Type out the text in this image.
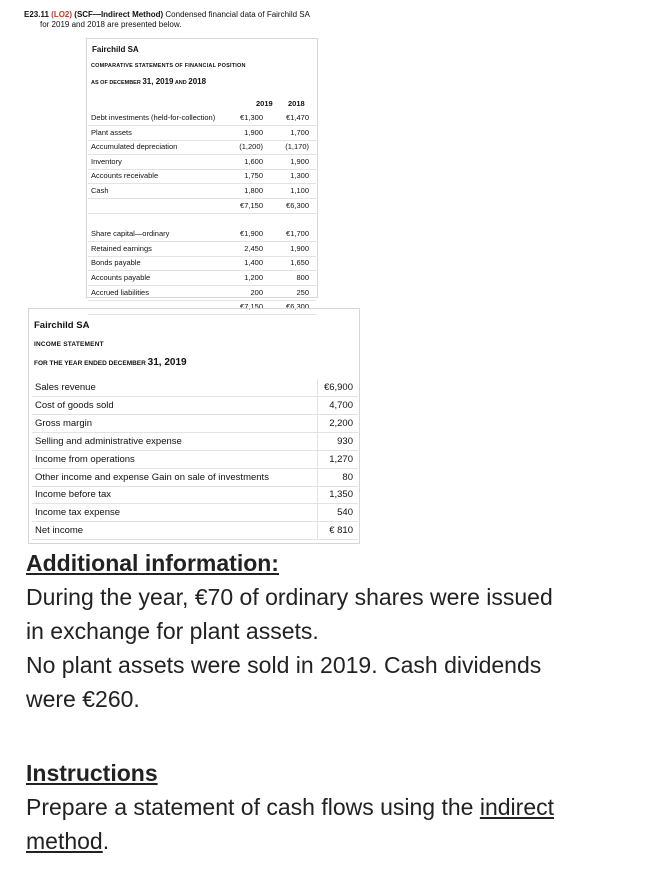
E23.11 (LO2) (SCF—Indirect Method) Condensed financial data of Fairchild SA
for 2019 and 2018 are presented below.
Fairchild SA
COMPARATIVE STATEMENTS OF FINANCIAL POSITION
AS OF DECEMBER 31, 2019 AND 2018
2019 2018
Debt investments (held-for-collection)	€1,300	€1,470
Plant assets	1,900	1,700
Accumulated depreciation	(1,200)	(1,170)
Inventory	1,600	1,900
Accounts receivable	1,750	1,300
Cash	1,800	1,100
€7,150	€6,300
Share capital—ordinary	€1,900	€1,700
Retained earnings	2,450	1,900
Bonds payable	1,400	1,650
Accounts payable	1,200	800
Accrued liabilities	200	250
€7,150	€6,300
Fairchild SA
INCOME STATEMENT
FOR THE YEAR ENDED DECEMBER 31, 2019
Sales revenue	€6,900
Cost of goods sold	4,700
Gross margin	2,200
Selling and administrative expense	930
Income from operations	1,270
Other income and expense Gain on sale of investments	80
Income before tax	1,350
Income tax expense	540
Net income	€ 810
Additional information:
During the year, €70 of ordinary shares were issued
in exchange for plant assets.
No plant assets were sold in 2019. Cash dividends
were €260.
Instructions
Prepare a statement of cash flows using the indirect
method.
